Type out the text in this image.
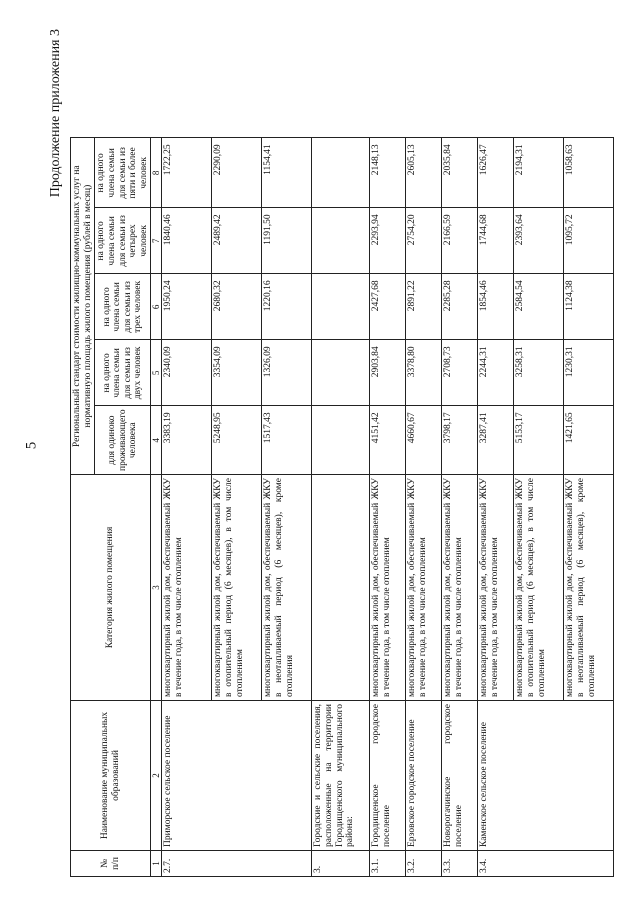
5
Продолжение приложения 3
№ п/п	Наименование муниципальных образований	Категория жилого помещения	Региональный стандарт стоимости жилищно-коммунальных услуг на нормативную площадь жилого помещения (рублей в месяц)				
			для одиноко проживающего человека	на одного члена семьи для семьи из двух человек	на одного члена семьи для семьи из трех человек	на одного члена семьи для семьи из четырех человек	на одного члена семьи для семьи из пяти и более человек
1	2	3	4	5	6	7	8
2.7.	Приморское сельское поселение	многоквартирный жилой дом, обеспечиваемый ЖКУ в течение года, в том числе отоплением	3383,19	2340,09	1950,24	1840,46	1722,25
		многоквартирный жилой дом, обеспечиваемый ЖКУ в отопительный период (6 месяцев), в том числе отоплением	5248,95	3354,09	2680,32	2489,42	2290,09
		многоквартирный жилой дом, обеспечиваемый ЖКУ в неотапливаемый период (6 месяцев), кроме отопления	1517,43	1326,09	1220,16	1191,50	1154,41
3.	Городские и сельские поселения, расположенные на территории Городищенского муниципального района:						
3.1.	Городищенское городское поселение	многоквартирный жилой дом, обеспечиваемый ЖКУ в течение года, в том числе отоплением	4151,42	2903,84	2427,68	2293,94	2148,13
3.2.	Ерзовское городское поселение	многоквартирный жилой дом, обеспечиваемый ЖКУ в течение года, в том числе отоплением	4660,67	3378,80	2891,22	2754,20	2605,13
3.3.	Новорогачинское городское поселение	многоквартирный жилой дом, обеспечиваемый ЖКУ в течение года, в том числе отоплением	3798,17	2708,73	2285,28	2166,59	2035,84
3.4.	Каменское сельское поселение	многоквартирный жилой дом, обеспечиваемый ЖКУ в течение года, в том числе отоплением	3287,41	2244,31	1854,46	1744,68	1626,47
		многоквартирный жилой дом, обеспечиваемый ЖКУ в отопительный период (6 месяцев), в том числе отоплением	5153,17	3258,31	2584,54	2393,64	2194,31
		многоквартирный жилой дом, обеспечиваемый ЖКУ в неотапливаемый период (6 месяцев), кроме отопления	1421,65	1230,31	1124,38	1095,72	1058,63
